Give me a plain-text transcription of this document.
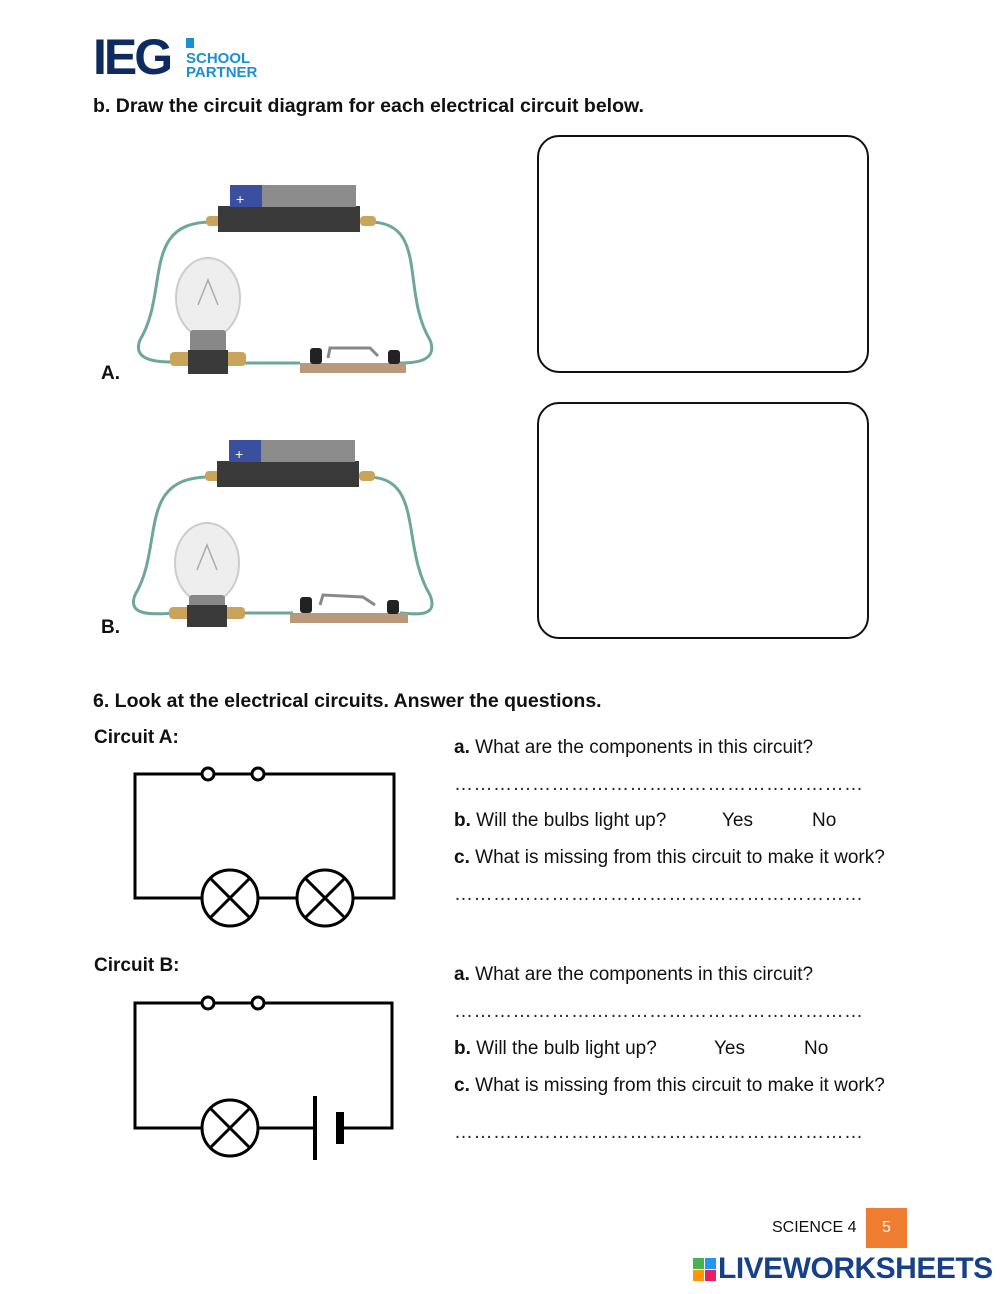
IEG SCHOOL
PARTNER
b. Draw the circuit diagram for each electrical circuit below.
+
A.
+
B.
6. Look at the electrical circuits. Answer the questions.
Circuit A:	a. What are the components in this circuit?
………………………………………………………
b. Will the bulbs light up?	Yes	No
c. What is missing from this circuit to make it work?
………………………………………………………
Circuit B:	a. What are the components in this circuit?
………………………………………………………
b. Will the bulb light up?	Yes	No
c. What is missing from this circuit to make it work?
………………………………………………………
SCIENCE 4	5
LIVEWORKSHEETS
